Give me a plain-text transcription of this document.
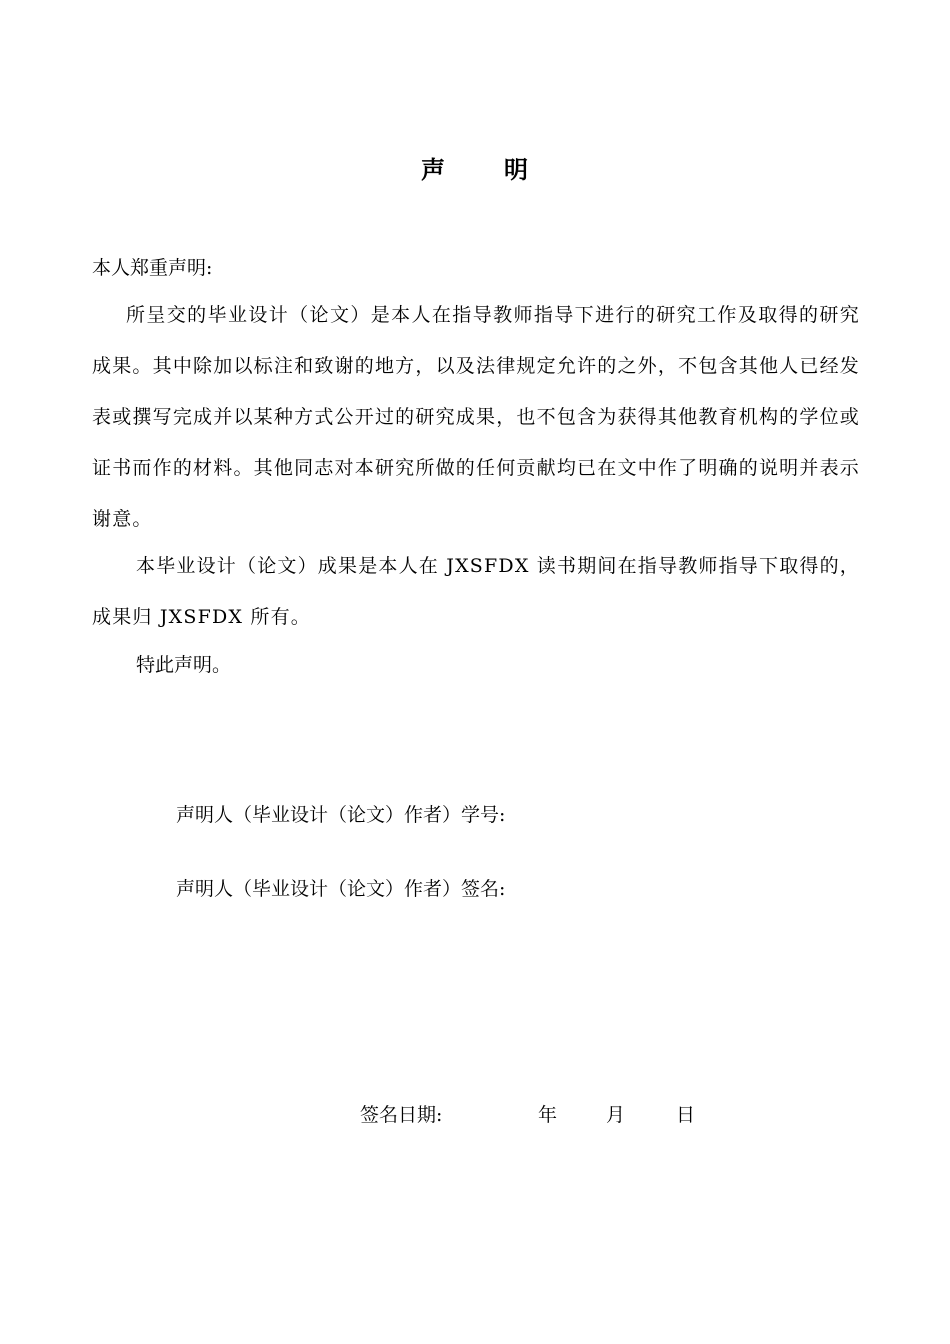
声 明
本人郑重声明:
所呈交的毕业设计（论文）是本人在指导教师指导下进行的研究工作及取得的研究成果。其中除加以标注和致谢的地方，以及法律规定允许的之外，不包含其他人已经发表或撰写完成并以某种方式公开过的研究成果，也不包含为获得其他教育机构的学位或证书而作的材料。其他同志对本研究所做的任何贡献均已在文中作了明确的说明并表示谢意。
本毕业设计（论文）成果是本人在 JXSFDX 读书期间在指导教师指导下取得的，成果归 JXSFDX 所有。
特此声明。
声明人（毕业设计（论文）作者）学号:
声明人（毕业设计（论文）作者）签名:
签名日期:	年	月	日
